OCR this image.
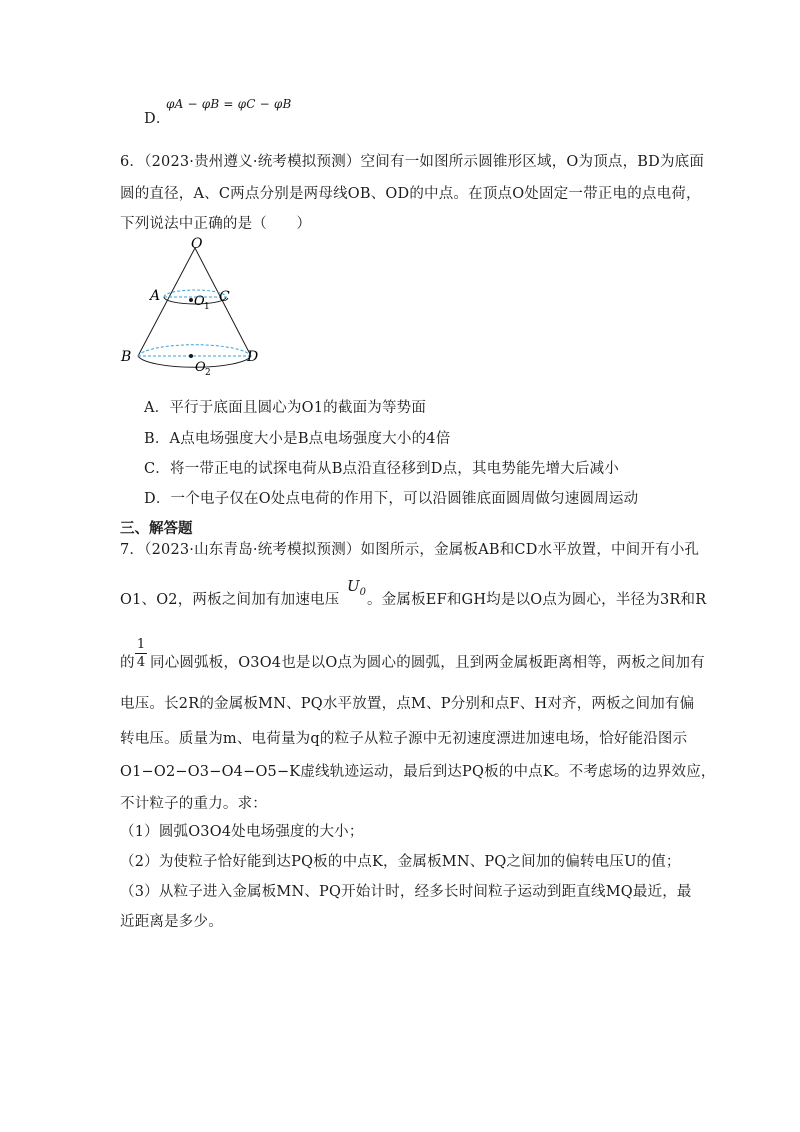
φA − φB = φC − φB
D．
6．（2023·贵州遵义·统考模拟预测）空间有一如图所示圆锥形区域，O为顶点，BD为底面
圆的直径，A、C两点分别是两母线OB、OD的中点。在顶点O处固定一带正电的点电荷，
下列说法中正确的是（　　）
O
A	C
B	D
O 1
O 2
A．平行于底面且圆心为O1的截面为等势面
B．A点电场强度大小是B点电场强度大小的4倍
C．将一带正电的试探电荷从B点沿直径移到D点，其电势能先增大后减小
D．一个电子仅在O处点电荷的作用下，可以沿圆锥底面圆周做匀速圆周运动
三、解答题
7．（2023·山东青岛·统考模拟预测）如图所示，金属板AB和CD水平放置，中间开有小孔
O1、O2，两板之间加有加速电压
$U_0$ 。金属板EF和GH均是以O点为圆心，半径为3R和R
的
1
4 同心圆弧板，O3O4也是以O点为圆心的圆弧，且到两金属板距离相等，两板之间加有
电压。长2R的金属板MN、PQ水平放置，点M、P分别和点F、H对齐，两板之间加有偏
转电压。质量为m、电荷量为q的粒子从粒子源中无初速度漂进加速电场，恰好能沿图示
O1−O2−O3−O4−O5−K虚线轨迹运动，最后到达PQ板的中点K。不考虑场的边界效应，
不计粒子的重力。求：
（1）圆弧O3O4处电场强度的大小；
（2）为使粒子恰好能到达PQ板的中点K，金属板MN、PQ之间加的偏转电压U的值；
（3）从粒子进入金属板MN、PQ开始计时，经多长时间粒子运动到距直线MQ最近，最
近距离是多少。
